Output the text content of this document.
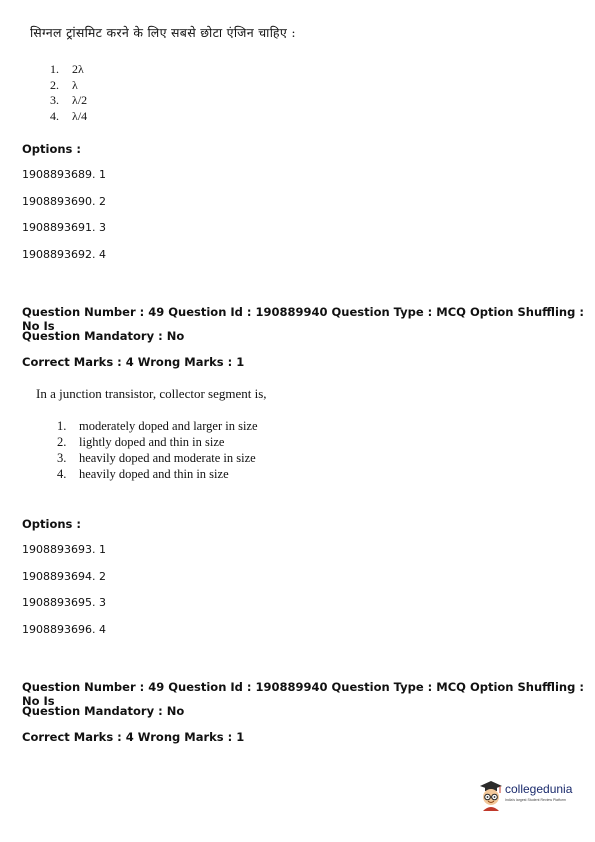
सिग्नल ट्रांसमिट करने के लिए सबसे छोटा एंजिन चाहिए :
1.	2λ
2.	λ
3.	λ/2
4.	λ/4
Options :
1908893689. 1
1908893690. 2
1908893691. 3
1908893692. 4
Question Number : 49 Question Id : 190889940 Question Type : MCQ Option Shuffling : No Is
Question Mandatory : No
Correct Marks : 4 Wrong Marks : 1
In a junction transistor, collector segment is,
1.	moderately doped and larger in size
2.	lightly doped and thin in size
3.	heavily doped and moderate in size
4.	heavily doped and thin in size
Options :
1908893693. 1
1908893694. 2
1908893695. 3
1908893696. 4
Question Number : 49 Question Id : 190889940 Question Type : MCQ Option Shuffling : No Is
Question Mandatory : No
Correct Marks : 4 Wrong Marks : 1
collegedunia
India's largest Student Review Platform
